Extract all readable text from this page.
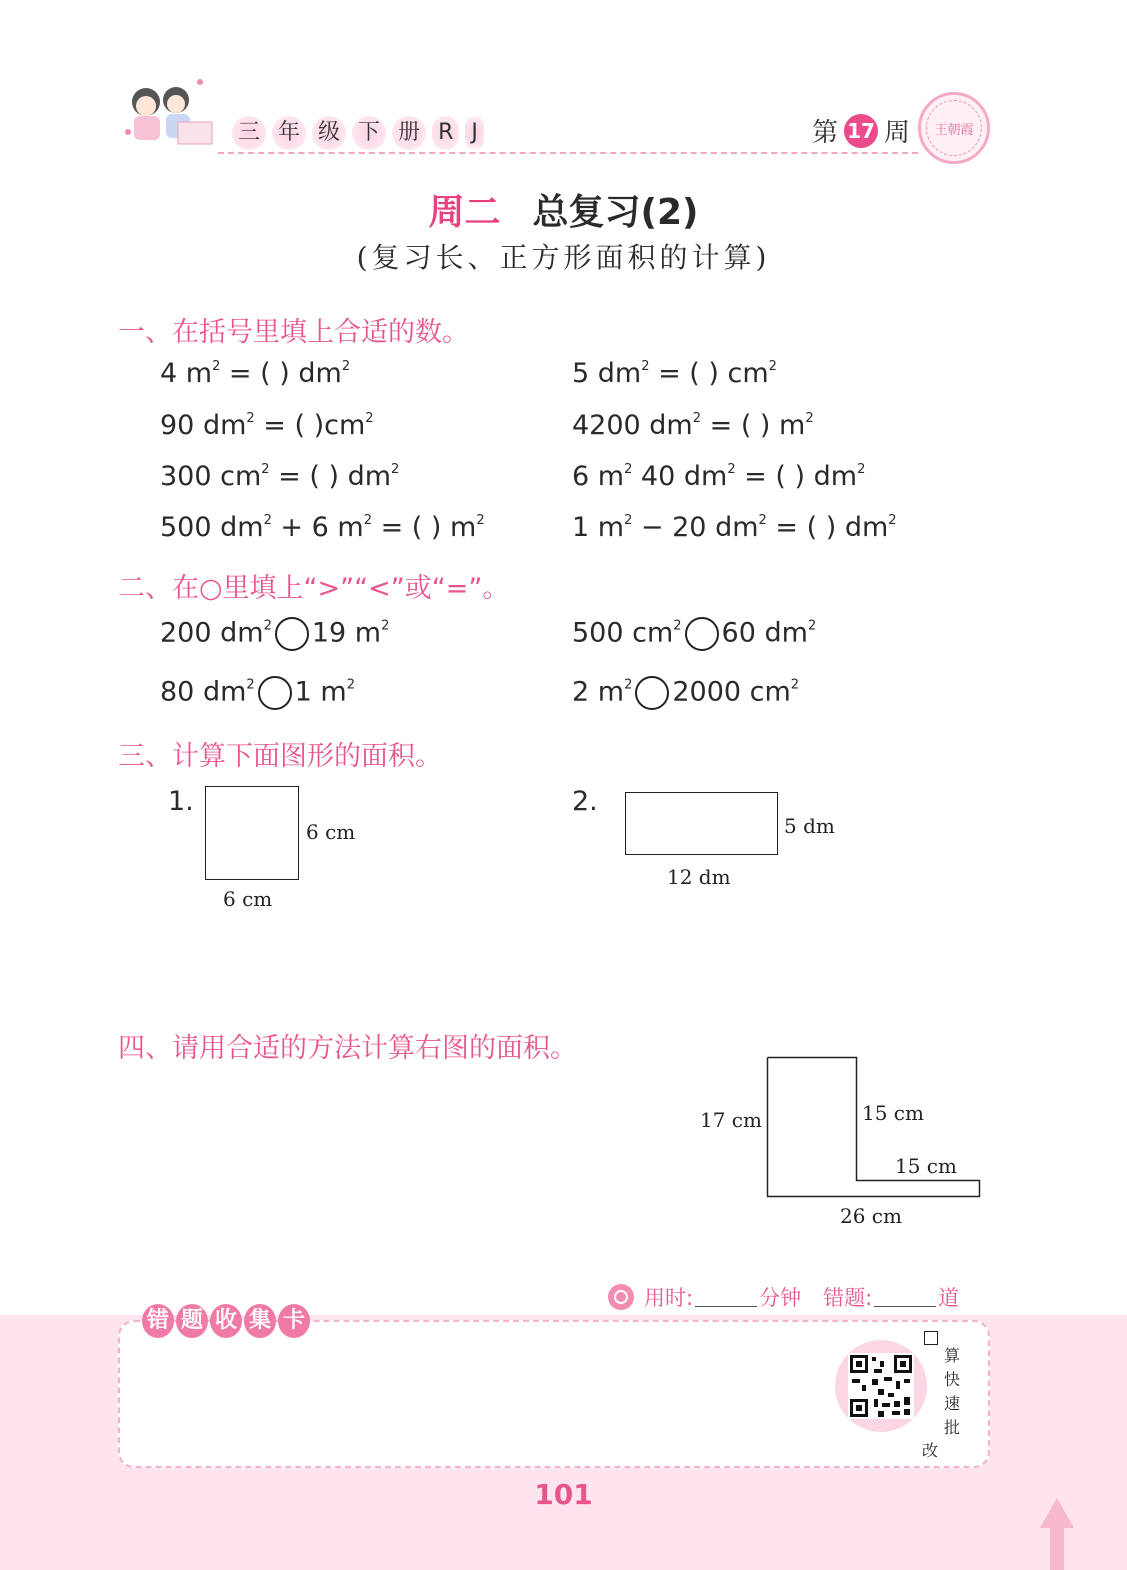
三 年 级 下 册 R J	第 17 周	王朝霞
周二 总复习(2)
(复习长、正方形面积的计算)
一、在括号里填上合适的数。
4 $m^2$ = ( ) $dm^2$	5 $dm^2$ = ( ) $cm^2$
90 $dm^2$ = ( )$cm^2$	4200 $dm^2$ = ( ) $m^2$
300 $cm^2$ = ( ) $dm^2$	6 $m^2$ 40 $dm^2$ = ( ) $dm^2$
500 $dm^2 + 6$ $m^2$ = ( ) $m^2$	1 $m^2 - 20$ $dm^2$ = ( ) $dm^2$
二、在○里填上“>”“<”或“=”。
200 $dm^2$ 19 $m^2$	500 $cm^2$ 60 $dm^2$
80 $dm^2$ 1 $m^2$	2 $m^2$ 2000 $cm^2$
三、计算下面图形的面积。
1.
6 cm
6 cm
2.
5 dm
12 dm
四、请用合适的方法计算右图的面积。
17 cm	15 cm
15 cm
26 cm
用时:	分钟 错题:	道
错 题 收 集 卡
算
快
速
批
改
101
